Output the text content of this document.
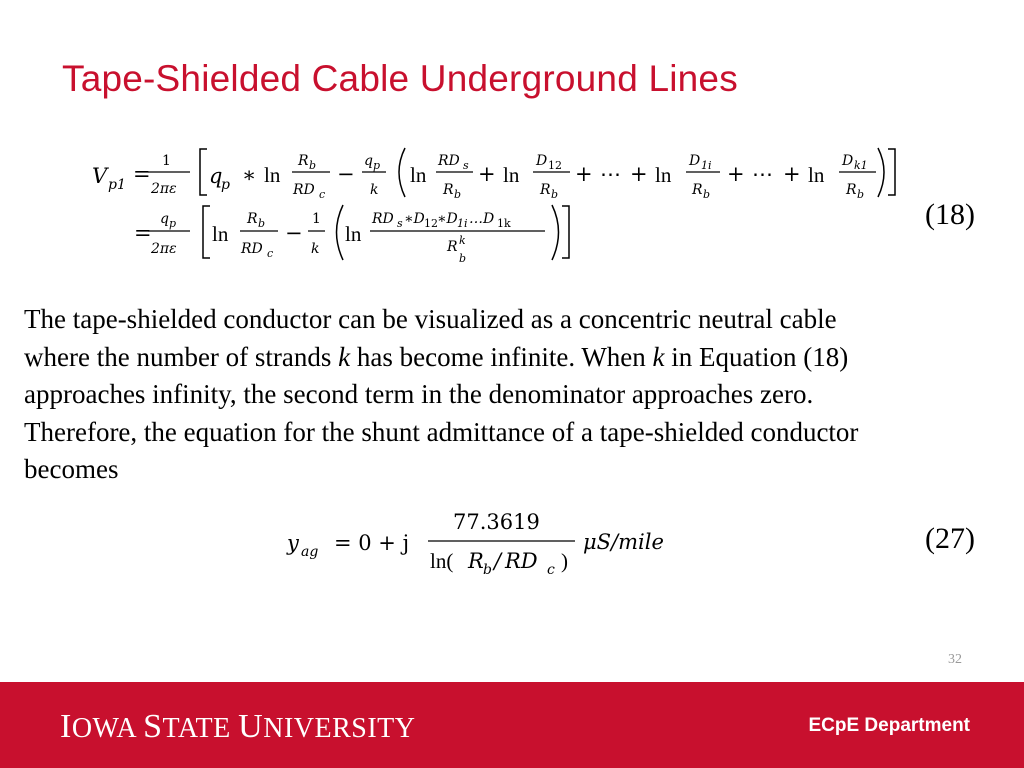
Tape-Shielded Cable Underground Lines
V p1 =
1
2πε
q
p ∗ ln
R b
RD c
−
q p
k
ln
RD s
R b
+ ln
D 12
R b
+ ⋯ + ln
D 1i
R b
+ ⋯ + ln
D k1
R b
(18)
=
q p
2πε
ln
R b
RD c
−
1
k
ln
RD s ∗D 12 ∗D 1i …D 1k
R k
b
y ag = 0 + j
77.3619
ln( R b / RD c )
μS/mile	(27)
The tape-shielded conductor can be visualized as a concentric neutral cable
where the number of strands k has become infinite. When k in Equation (18)
approaches infinity, the second term in the denominator approaches zero.
Therefore, the equation for the shunt admittance of a tape-shielded conductor
becomes
32
IOWA STATE UNIVERSITY	ECpE Department
